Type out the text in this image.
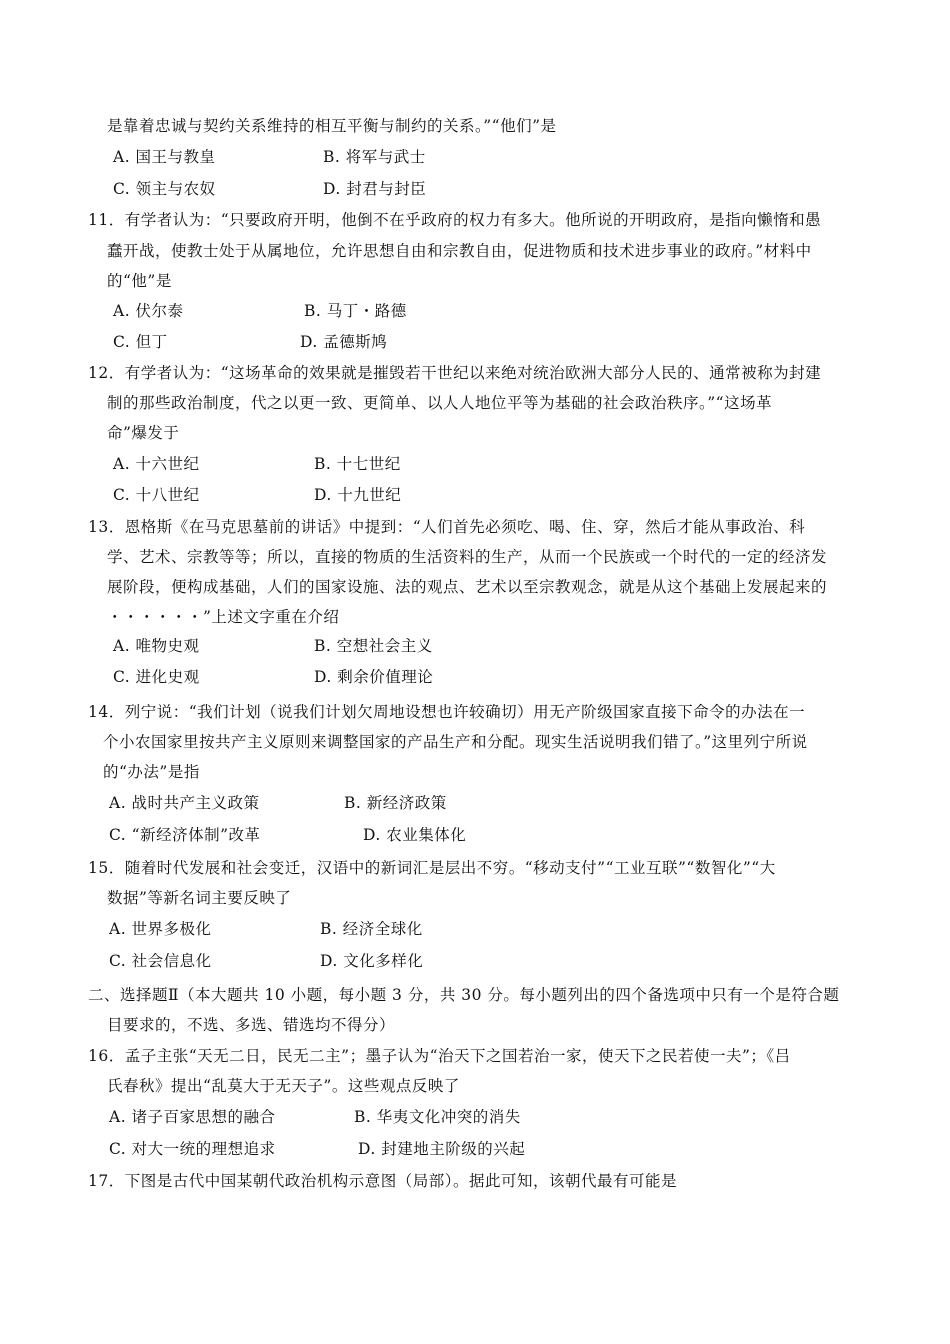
是靠着忠诚与契约关系维持的相互平衡与制约的关系。”“他们”是
A. 国王与教皇	B. 将军与武士
C. 领主与农奴	D. 封君与封臣
11．有学者认为：“只要政府开明，他倒不在乎政府的权力有多大。他所说的开明政府，是指向懒惰和愚
蠢开战，使教士处于从属地位，允许思想自由和宗教自由，促进物质和技术进步事业的政府。”材料中
的“他”是
A. 伏尔泰	B. 马丁・路德
C. 但丁	D. 孟德斯鸠
12．有学者认为：“这场革命的效果就是摧毁若干世纪以来绝对统治欧洲大部分人民的、通常被称为封建
制的那些政治制度，代之以更一致、更简单、以人人地位平等为基础的社会政治秩序。”“这场革
命”爆发于
A. 十六世纪	B. 十七世纪
C. 十八世纪	D. 十九世纪
13．恩格斯《在马克思墓前的讲话》中提到：“人们首先必须吃、喝、住、穿，然后才能从事政治、科
学、艺术、宗教等等；所以，直接的物质的生活资料的生产，从而一个民族或一个时代的一定的经济发
展阶段，便构成基础，人们的国家设施、法的观点、艺术以至宗教观念，就是从这个基础上发展起来的
・・・・・・”上述文字重在介绍
A. 唯物史观	B. 空想社会主义
C. 进化史观	D. 剩余价值理论
14．列宁说：“我们计划（说我们计划欠周地设想也许较确切）用无产阶级国家直接下命令的办法在一
个小农国家里按共产主义原则来调整国家的产品生产和分配。现实生活说明我们错了。”这里列宁所说
的“办法”是指
A. 战时共产主义政策	B. 新经济政策
C. “新经济体制”改革	D. 农业集体化
15．随着时代发展和社会变迁，汉语中的新词汇是层出不穷。“移动支付”“工业互联”“数智化”“大
数据”等新名词主要反映了
A. 世界多极化	B. 经济全球化
C. 社会信息化	D. 文化多样化
二、选择题Ⅱ（本大题共 10 小题，每小题 3 分，共 30 分。每小题列出的四个备选项中只有一个是符合题
目要求的，不选、多选、错选均不得分）
16．孟子主张“天无二日，民无二主”；墨子认为“治天下之国若治一家，使天下之民若使一夫”；《吕
氏春秋》提出“乱莫大于无天子”。这些观点反映了
A. 诸子百家思想的融合	B. 华夷文化冲突的消失
C. 对大一统的理想追求	D. 封建地主阶级的兴起
17．下图是古代中国某朝代政治机构示意图（局部）。据此可知，该朝代最有可能是
